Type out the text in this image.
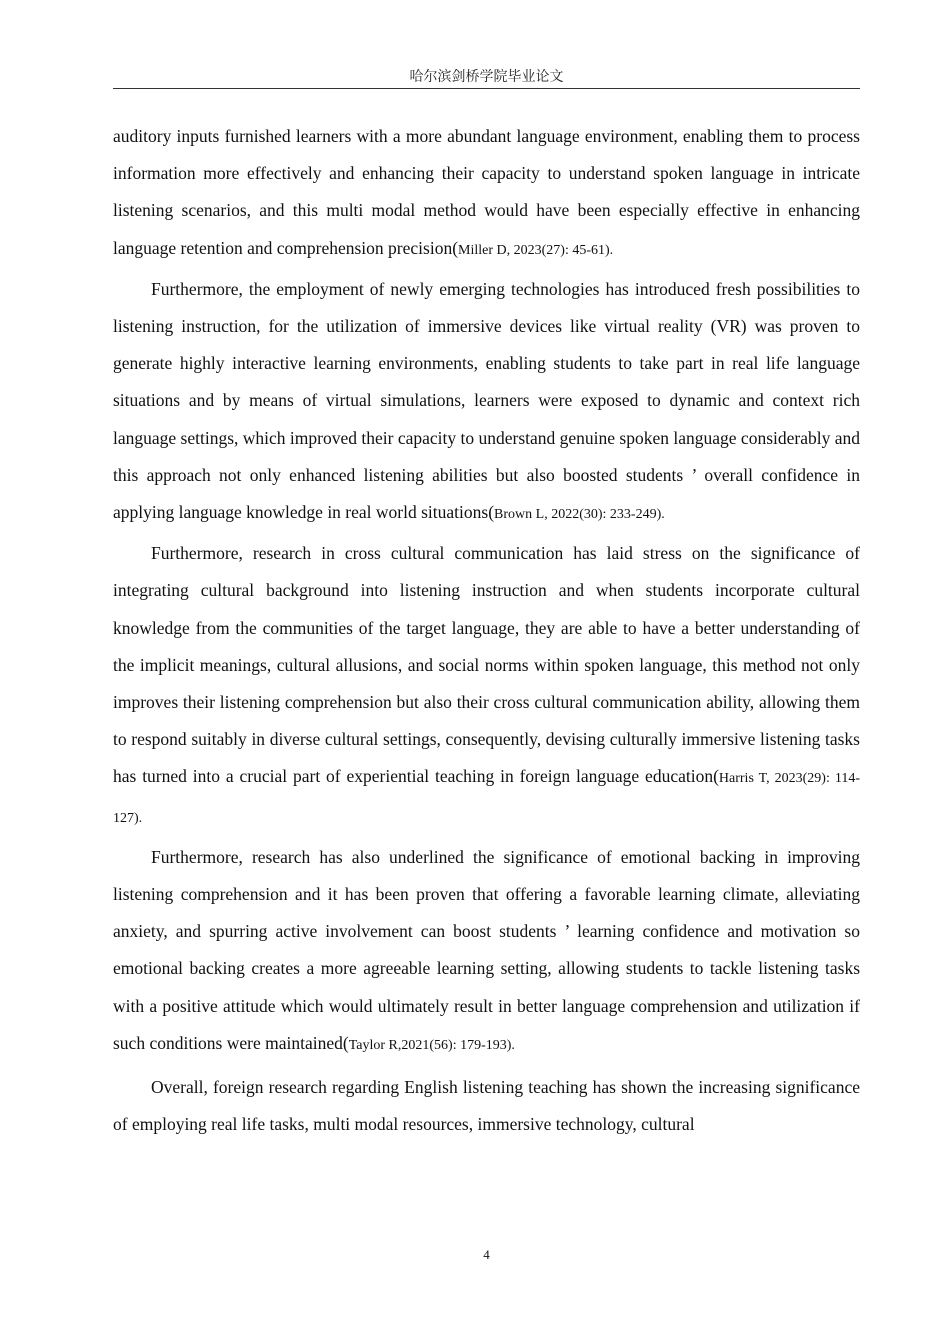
哈尔滨剑桥学院毕业论文

auditory inputs furnished learners with a more abundant language environment, enabling them to process information more effectively and enhancing their capacity to understand spoken language in intricate listening scenarios, and this multi modal method would have been especially effective in enhancing language retention and comprehension precision(Miller D, 2023(27): 45-61).

Furthermore, the employment of newly emerging technologies has introduced fresh possibilities to listening instruction, for the utilization of immersive devices like virtual reality (VR) was proven to generate highly interactive learning environments, enabling students to take part in real life language situations and by means of virtual simulations, learners were exposed to dynamic and context rich language settings, which improved their capacity to understand genuine spoken language considerably and this approach not only enhanced listening abilities but also boosted students ’ overall confidence in applying language knowledge in real world situations(Brown L, 2022(30): 233-249).

Furthermore, research in cross cultural communication has laid stress on the significance of integrating cultural background into listening instruction and when students incorporate cultural knowledge from the communities of the target language, they are able to have a better understanding of the implicit meanings, cultural allusions, and social norms within spoken language, this method not only improves their listening comprehension but also their cross cultural communication ability, allowing them to respond suitably in diverse cultural settings, consequently, devising culturally immersive listening tasks has turned into a crucial part of experiential teaching in foreign language education(Harris T, 2023(29): 114-127).

Furthermore, research has also underlined the significance of emotional backing in improving listening comprehension and it has been proven that offering a favorable learning climate, alleviating anxiety, and spurring active involvement can boost students ’ learning confidence and motivation so emotional backing creates a more agreeable learning setting, allowing students to tackle listening tasks with a positive attitude which would ultimately result in better language comprehension and utilization if such conditions were maintained(Taylor R,2021(56): 179-193).

Overall, foreign research regarding English listening teaching has shown the increasing significance of employing real life tasks, multi modal resources, immersive technology, cultural

4
